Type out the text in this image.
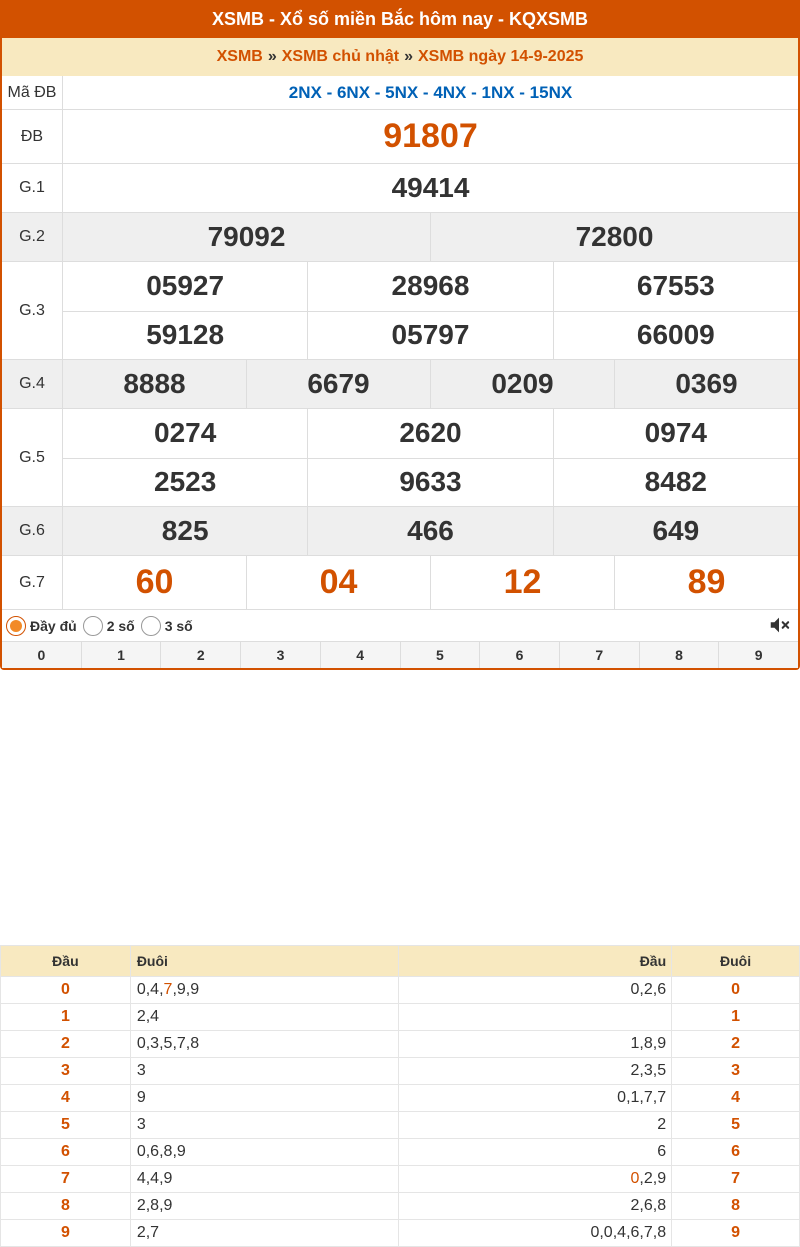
XSMB - Xổ số miền Bắc hôm nay - KQXSMB
XSMB » XSMB chủ nhật » XSMB ngày 14-9-2025
Mã ĐB	2NX - 6NX - 5NX - 4NX - 1NX - 15NX
ĐB	91807
G.1	49414
G.2	79092	72800
G.3
05927	28968	67553
59128	05797	66009
G.4	8888	6679	0209	0369
G.5
0274	2620	0974
2523	9633	8482
G.6	825	466	649
G.7	60	04	12	89
Đầy đủ 2 số 3 số
0	1	2	3	4	5	6	7	8	9
Đầu	Đuôi	Đầu	Đuôi
0	0,4,7,9,9	0,2,6	0
1	2,4		1
2	0,3,5,7,8	1,8,9	2
3	3	2,3,5	3
4	9	0,1,7,7	4
5	3	2	5
6	0,6,8,9	6	6
7	4,4,9	0,2,9	7
8	2,8,9	2,6,8	8
9	2,7	0,0,4,6,7,8	9
